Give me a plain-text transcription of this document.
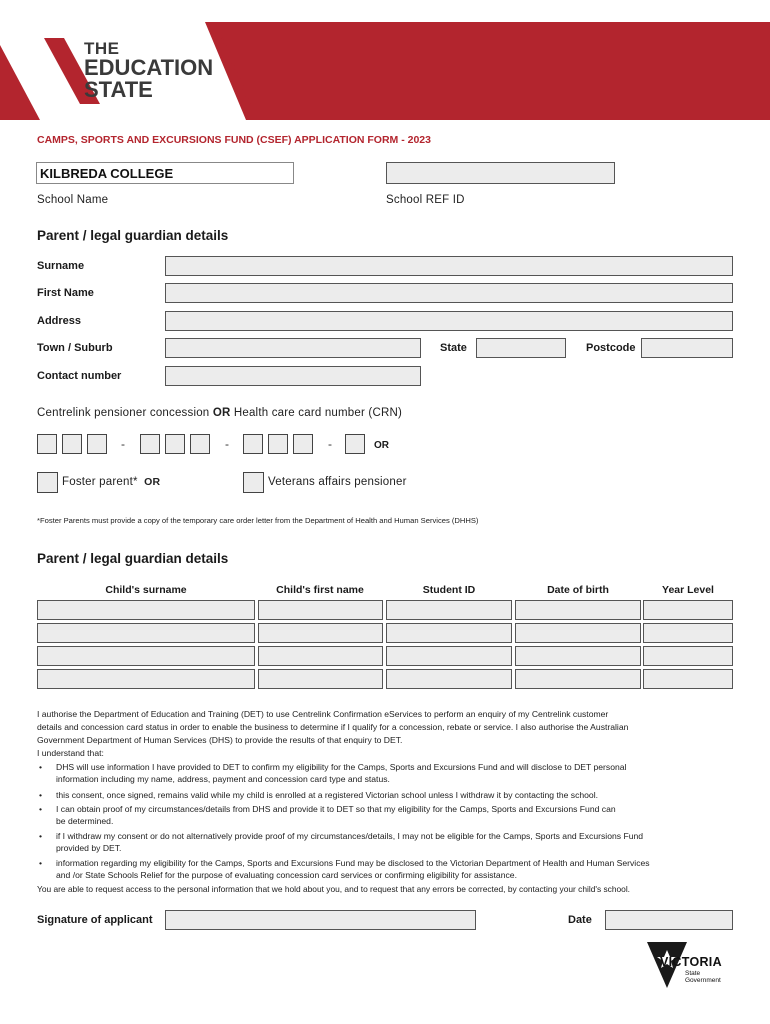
THE
EDUCATION
STATE
CAMPS, SPORTS AND EXCURSIONS FUND (CSEF) APPLICATION FORM - 2023
KILBREDA COLLEGE
School Name	School REF ID
Parent / legal guardian details
Surname
First Name
Address
Town / Suburb	State	Postcode
Contact number
Centrelink pensioner concession OR Health care card number (CRN)
-	-	-	OR
Foster parent* OR	Veterans affairs pensioner
*Foster Parents must provide a copy of the temporary care order letter from the Department of Health and Human Services (DHHS)
Parent / legal guardian details
Child's surname	Child's first name	Student ID	Date of birth	Year Level
I authorise the Department of Education and Training (DET) to use Centrelink Confirmation eServices to perform an enquiry of my Centrelink customer
details and concession card status in order to enable the business to determine if I qualify for a concession, rebate or service. I also authorise the Australian
Government Department of Human Services (DHS) to provide the results of that enquiry to DET.
I understand that:
• DHS will use information I have provided to DET to confirm my eligibility for the Camps, Sports and Excursions Fund and will disclose to DET personal
information including my name, address, payment and concession card type and status.
• this consent, once signed, remains valid while my child is enrolled at a registered Victorian school unless I withdraw it by contacting the school.
• I can obtain proof of my circumstances/details from DHS and provide it to DET so that my eligibility for the Camps, Sports and Excursions Fund can
be determined.
• if I withdraw my consent or do not alternatively provide proof of my circumstances/details, I may not be eligible for the Camps, Sports and Excursions Fund
provided by DET.
• information regarding my eligibility for the Camps, Sports and Excursions Fund may be disclosed to the Victorian Department of Health and Human Services
and /or State Schools Relief for the purpose of evaluating concession card services or confirming eligibility for assistance.
You are able to request access to the personal information that we hold about you, and to request that any errors be corrected, by contacting your child's school.
Signature of applicant	Date
VICTORIA
State
Government
